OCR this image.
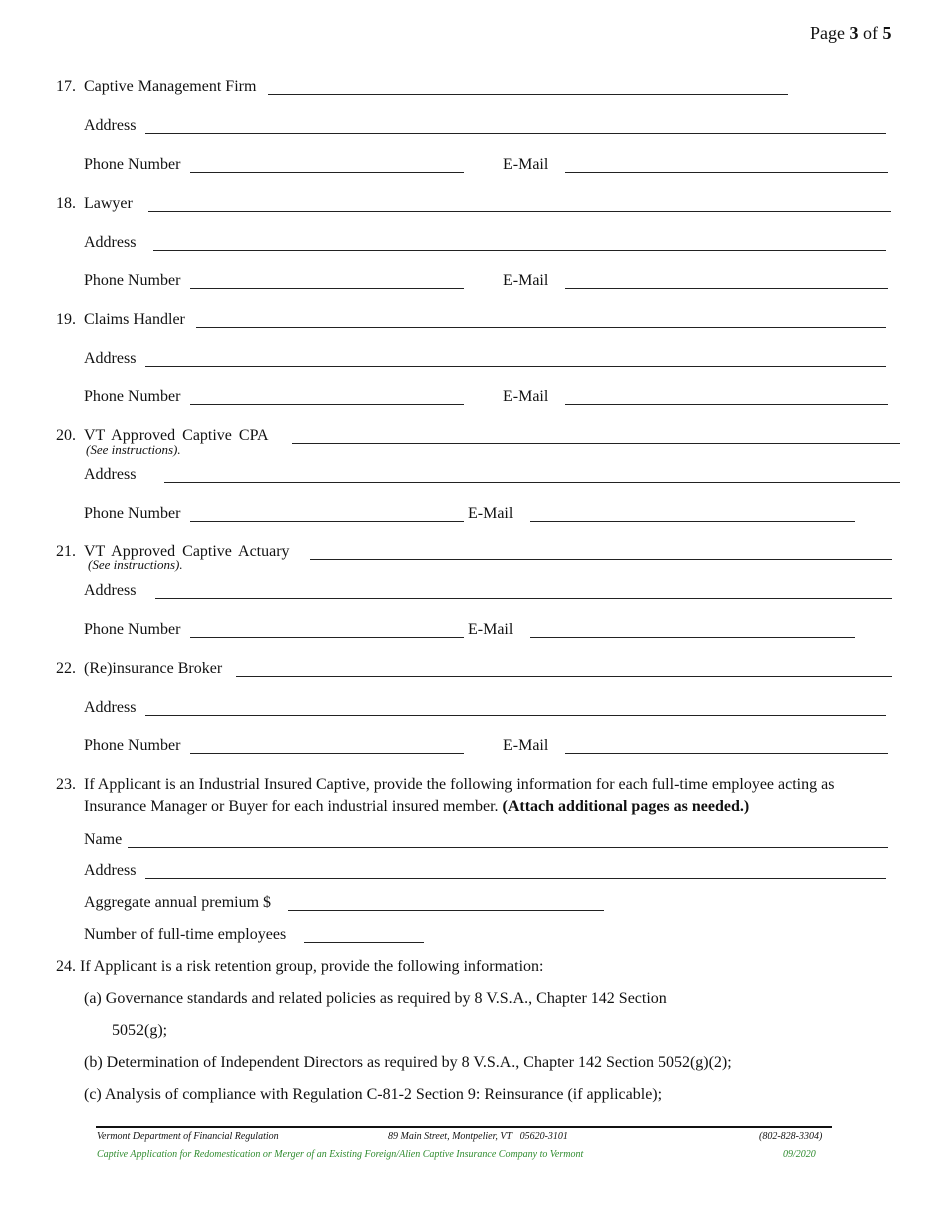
Page 3 of 5
17. Captive Management Firm
Address
Phone Number	E-Mail
18. Lawyer
Address
Phone Number	E-Mail
19. Claims Handler
Address
Phone Number	E-Mail
20. VT Approved Captive CPA
(See instructions).
Address
Phone Number	E-Mail
21. VT Approved Captive Actuary
(See instructions).
Address
Phone Number	E-Mail
22. (Re)insurance Broker
Address
Phone Number	E-Mail
23. If Applicant is an Industrial Insured Captive, provide the following information for each full-time employee acting as
Insurance Manager or Buyer for each industrial insured member. (Attach additional pages as needed.)
Name
Address
Aggregate annual premium $
Number of full-time employees
24. If Applicant is a risk retention group, provide the following information:
(a) Governance standards and related policies as required by 8 V.S.A., Chapter 142 Section
5052(g);
(b) Determination of Independent Directors as required by 8 V.S.A., Chapter 142 Section 5052(g)(2);
(c) Analysis of compliance with Regulation C-81-2 Section 9: Reinsurance (if applicable);
Vermont Department of Financial Regulation	89 Main Street, Montpelier, VT 05620-3101	(802-828-3304)
Captive Application for Redomestication or Merger of an Existing Foreign/Alien Captive Insurance Company to Vermont	09/2020
